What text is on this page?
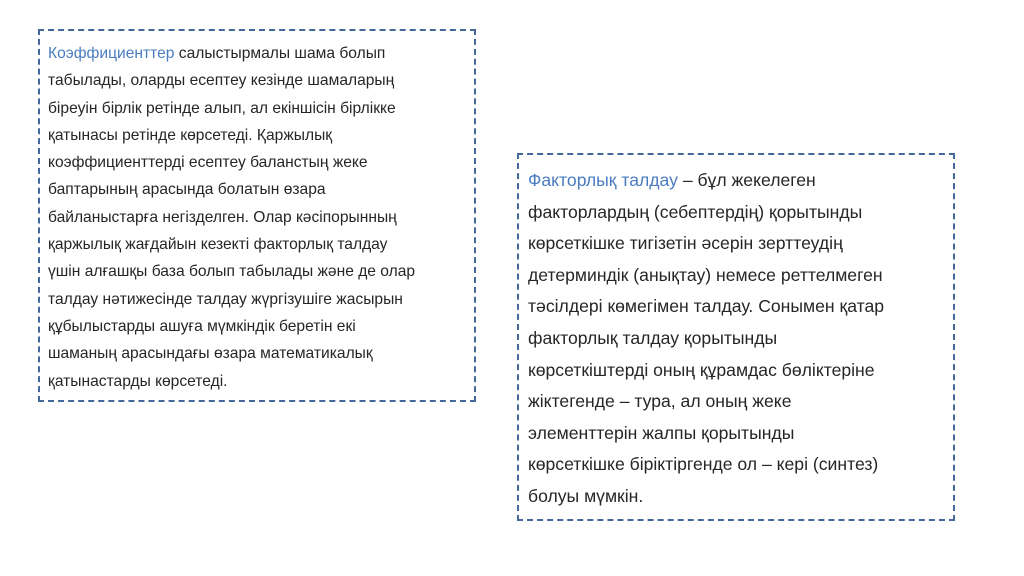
Коэффициенттер салыстырмалы шама болып
табылады, оларды есептеу кезінде шамаларың
біреуін бірлік ретінде алып, ал екіншісін бірлікке
қатынасы ретінде көрсетеді. Қаржылық
коэффициенттерді есептеу баланстың жеке
баптарының арасында болатын өзара
байланыстарға негізделген. Олар кәсіпорынның
қаржылық жағдайын кезекті факторлық талдау
үшін алғашқы база болып табылады және де олар
талдау нәтижесінде талдау жүргізушіге жасырын
құбылыстарды ашуға мүмкіндік беретін екі
шаманың арасындағы өзара математикалық
қатынастарды көрсетеді.
Факторлық талдау – бұл жекелеген
факторлардың (себептердің) қорытынды
көрсеткішке тигізетін әсерін зерттеудің
детерминдік (анықтау) немесе реттелмеген
тәсілдері көмегімен талдау. Сонымен қатар
факторлық талдау қорытынды
көрсеткіштерді оның құрамдас бөліктеріне
жіктегенде – тура, ал оның жеке
элементтерін жалпы қорытынды
көрсеткішке біріктіргенде ол – кері (синтез)
болуы мүмкін.
